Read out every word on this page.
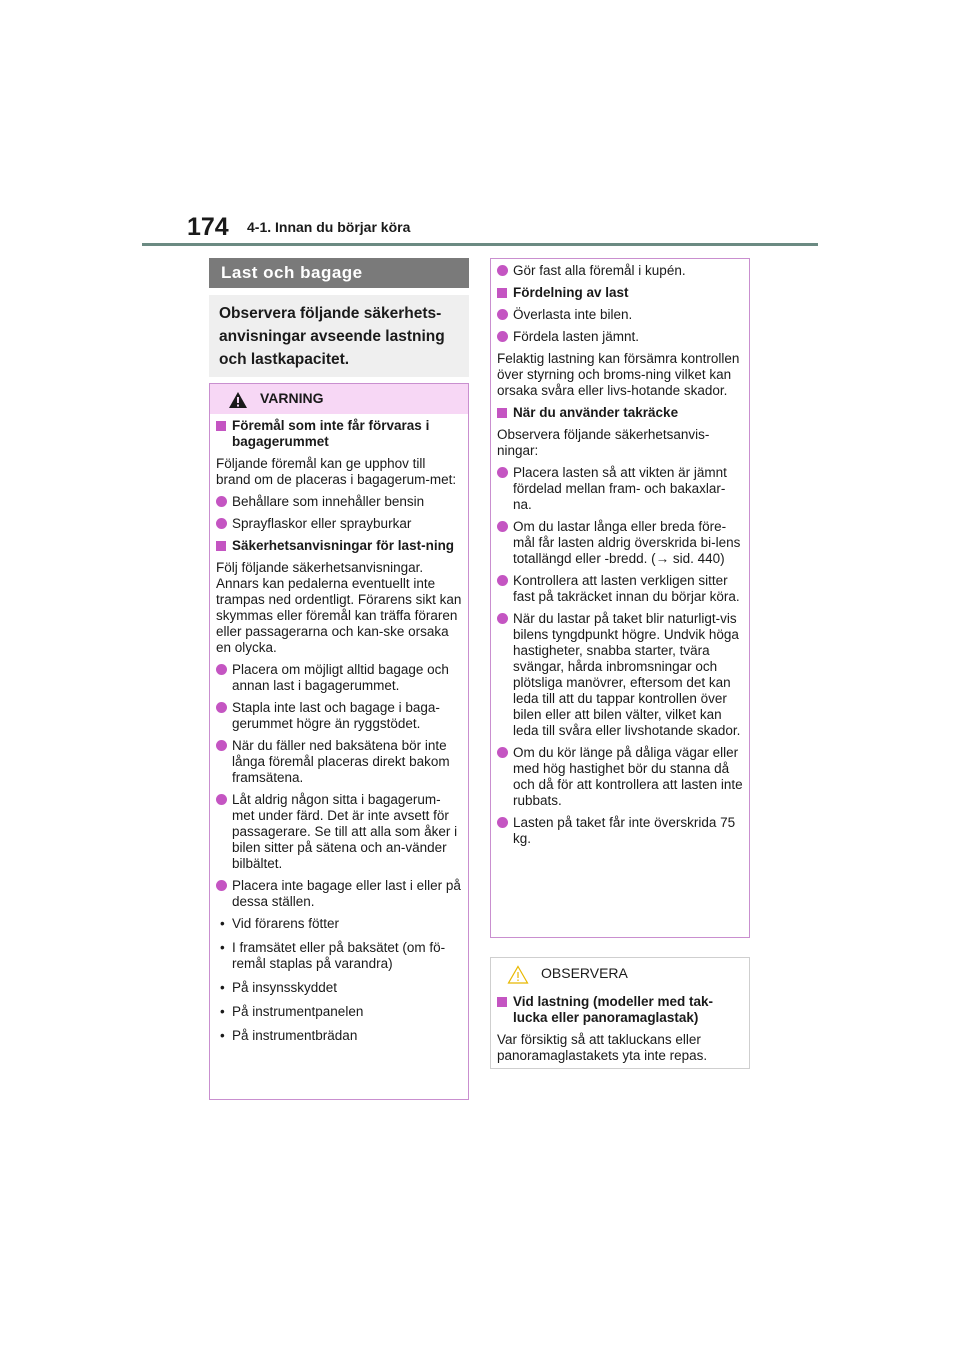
174 4-1. Innan du börjar köra
Last och bagage
Observera följande säkerhets-anvisningar avseende lastning och lastkapacitet.
VARNING
Föremål som inte får förvaras i bagagerummet
Följande föremål kan ge upphov till brand om de placeras i bagagerum-met:
Behållare som innehåller bensin
Sprayflaskor eller sprayburkar
Säkerhetsanvisningar för last-ning
Följ följande säkerhetsanvisningar. Annars kan pedalerna eventuellt inte trampas ned ordentligt. Förarens sikt kan skymmas eller föremål kan träffa föraren eller passagerarna och kan-ske orsaka en olycka.
Placera om möjligt alltid bagage och annan last i bagagerummet.
Stapla inte last och bagage i baga-gerummet högre än ryggstödet.
När du fäller ned baksätena bör inte långa föremål placeras direkt bakom framsätena.
Låt aldrig någon sitta i bagagerum-met under färd. Det är inte avsett för passagerare. Se till att alla som åker i bilen sitter på sätena och an-vänder bilbältet.
Placera inte bagage eller last i eller på dessa ställen.
• Vid förarens fötter
• I framsätet eller på baksätet (om fö-remål staplas på varandra)
• På insynsskyddet
• På instrumentpanelen
• På instrumentbrädan
Gör fast alla föremål i kupén.
Fördelning av last
Överlasta inte bilen.
Fördela lasten jämnt.
Felaktig lastning kan försämra kontrollen över styrning och broms-ning vilket kan orsaka svåra eller livs-hotande skador.
När du använder takräcke
Observera följande säkerhetsanvis-ningar:
Placera lasten så att vikten är jämnt fördelad mellan fram- och bakaxlar-na.
Om du lastar långa eller breda före-mål får lasten aldrig överskrida bi-lens totallängd eller -bredd. (→ sid. 440)
Kontrollera att lasten verkligen sitter fast på takräcket innan du börjar köra.
När du lastar på taket blir naturligt-vis bilens tyngdpunkt högre. Undvik höga hastigheter, snabba starter, tvära svängar, hårda inbromsningar och plötsliga manövrer, eftersom det kan leda till att du tappar kontrollen över bilen eller att bilen välter, vilket kan leda till svåra eller livshotande skador.
Om du kör länge på dåliga vägar eller med hög hastighet bör du stanna då och då för att kontrollera att lasten inte rubbats.
Lasten på taket får inte överskrida 75 kg.
OBSERVERA
Vid lastning (modeller med tak-lucka eller panoramaglastak)
Var försiktig så att takluckans eller panoramaglastakets yta inte repas.
